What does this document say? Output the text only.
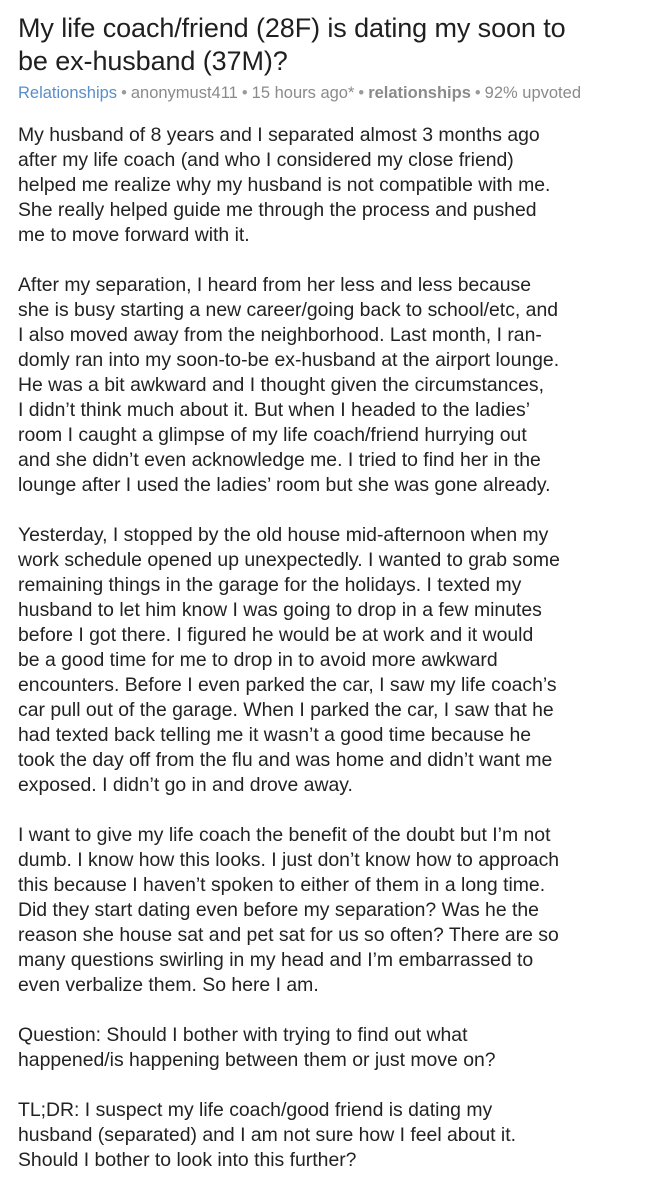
My life coach/friend (28F) is dating my soon to
be ex-husband (37M)?
Relationships • anonymust411 • 15 hours ago* • relationships • 92% upvoted

My husband of 8 years and I separated almost 3 months ago
after my life coach (and who I considered my close friend)
helped me realize why my husband is not compatible with me.
She really helped guide me through the process and pushed
me to move forward with it.

After my separation, I heard from her less and less because
she is busy starting a new career/going back to school/etc, and
I also moved away from the neighborhood. Last month, I ran-
domly ran into my soon-to-be ex-husband at the airport lounge.
He was a bit awkward and I thought given the circumstances,
I didn’t think much about it. But when I headed to the ladies’
room I caught a glimpse of my life coach/friend hurrying out
and she didn’t even acknowledge me. I tried to find her in the
lounge after I used the ladies’ room but she was gone already.

Yesterday, I stopped by the old house mid-afternoon when my
work schedule opened up unexpectedly. I wanted to grab some
remaining things in the garage for the holidays. I texted my
husband to let him know I was going to drop in a few minutes
before I got there. I figured he would be at work and it would
be a good time for me to drop in to avoid more awkward
encounters. Before I even parked the car, I saw my life coach’s
car pull out of the garage. When I parked the car, I saw that he
had texted back telling me it wasn’t a good time because he
took the day off from the flu and was home and didn’t want me
exposed. I didn’t go in and drove away.

I want to give my life coach the benefit of the doubt but I’m not
dumb. I know how this looks. I just don’t know how to approach
this because I haven’t spoken to either of them in a long time.
Did they start dating even before my separation? Was he the
reason she house sat and pet sat for us so often? There are so
many questions swirling in my head and I’m embarrassed to
even verbalize them. So here I am.

Question: Should I bother with trying to find out what
happened/is happening between them or just move on?

TL;DR: I suspect my life coach/good friend is dating my
husband (separated) and I am not sure how I feel about it.
Should I bother to look into this further?
